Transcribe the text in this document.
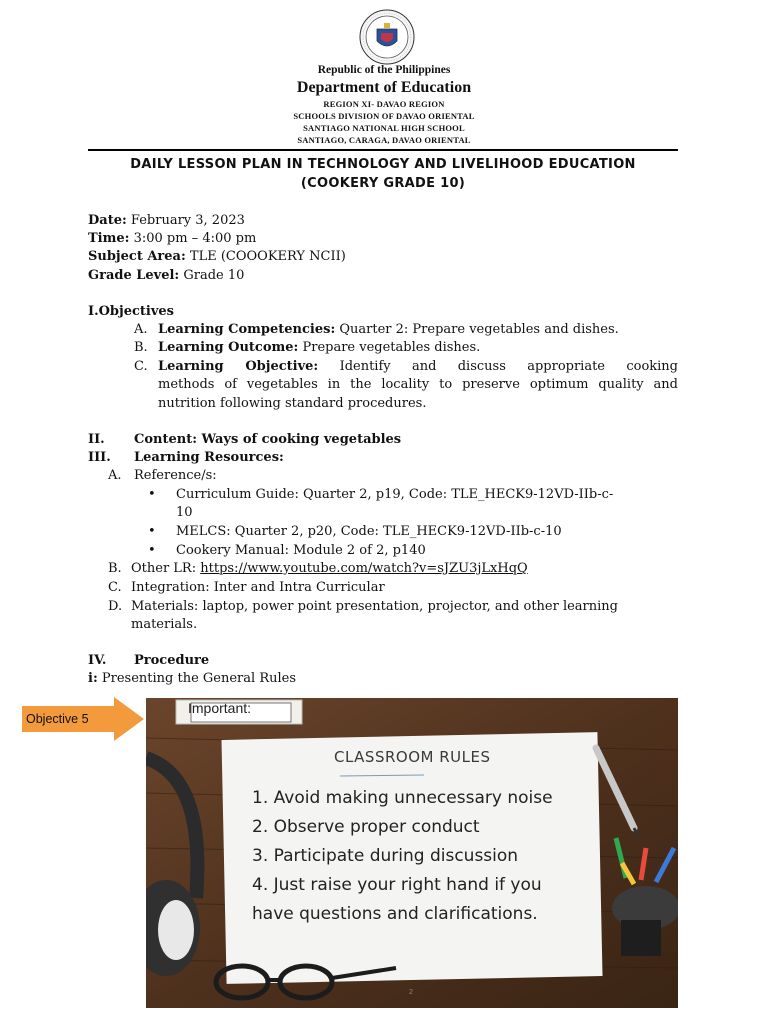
Republic of the Philippines
Department of Education
REGION XI- DAVAO REGION
SCHOOLS DIVISION OF DAVAO ORIENTAL
SANTIAGO NATIONAL HIGH SCHOOL
SANTIAGO, CARAGA, DAVAO ORIENTAL
DAILY LESSON PLAN IN TECHNOLOGY AND LIVELIHOOD EDUCATION
(COOKERY GRADE 10)
Date: February 3, 2023
Time: 3:00 pm – 4:00 pm
Subject Area: TLE (COOOKERY NCII)
Grade Level: Grade 10
I.Objectives
A. Learning Competencies: Quarter 2: Prepare vegetables and dishes.
B. Learning Outcome: Prepare vegetables dishes.
C. Learning Objective: Identify and discuss appropriate cooking
methods of vegetables in the locality to preserve optimum quality and
nutrition following standard procedures.
II. Content: Ways of cooking vegetables
III. Learning Resources:
A. Reference/s:
• Curriculum Guide: Quarter 2, p19, Code: TLE_HECK9-12VD-IIb-c-
10
• MELCS: Quarter 2, p20, Code: TLE_HECK9-12VD-IIb-c-10
• Cookery Manual: Module 2 of 2, p140
B. Other LR: https://www.youtube.com/watch?v=sJZU3jLxHqQ
C. Integration: Inter and Intra Curricular
D. Materials: laptop, power point presentation, projector, and other learning
materials.
IV. Procedure
i: Presenting the General Rules
Objective 5
Important:
CLASSROOM RULES
1. Avoid making unnecessary noise
2. Observe proper conduct
3. Participate during discussion
4. Just raise your right hand if you
have questions and clarifications.
2
